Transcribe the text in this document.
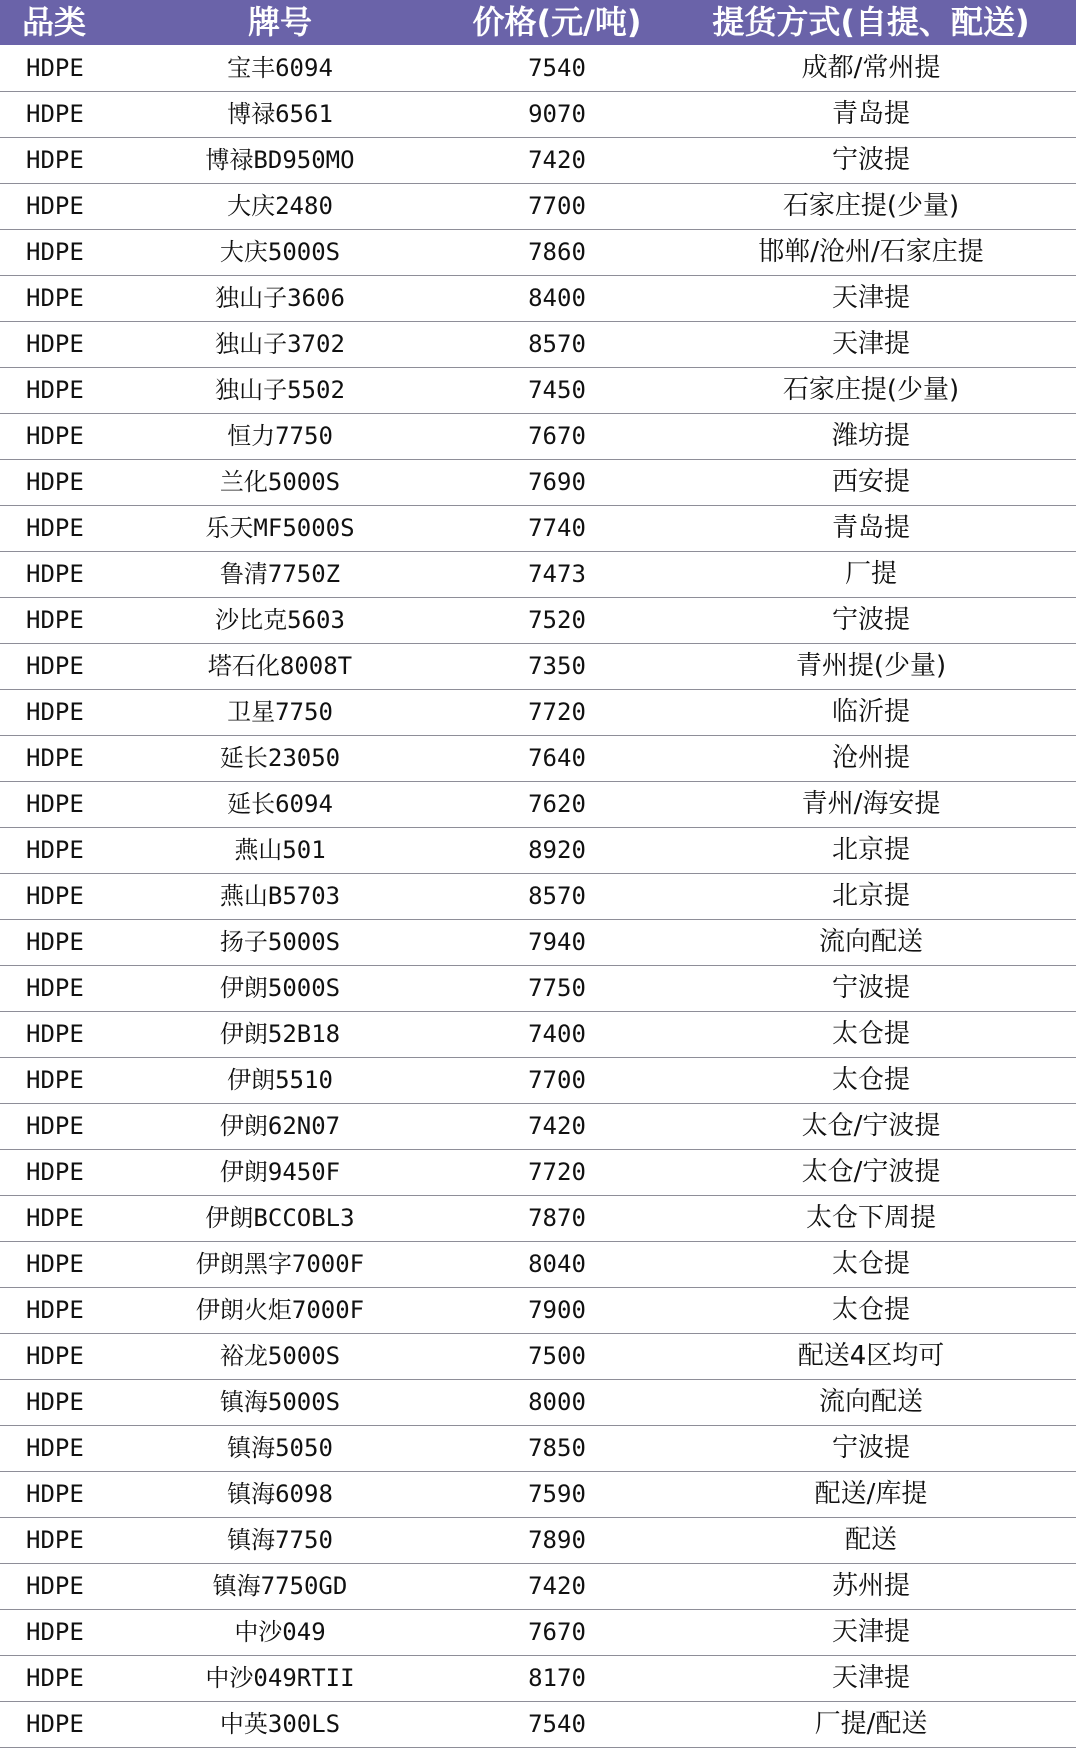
品类	牌号	价格(元/吨)	提货方式(自提、配送)
HDPE	宝丰6094	7540	成都/常州提
HDPE	博禄6561	9070	青岛提
HDPE	博禄BD950MO	7420	宁波提
HDPE	大庆2480	7700	石家庄提(少量)
HDPE	大庆5000S	7860	邯郸/沧州/石家庄提
HDPE	独山子3606	8400	天津提
HDPE	独山子3702	8570	天津提
HDPE	独山子5502	7450	石家庄提(少量)
HDPE	恒力7750	7670	潍坊提
HDPE	兰化5000S	7690	西安提
HDPE	乐天MF5000S	7740	青岛提
HDPE	鲁清7750Z	7473	厂提
HDPE	沙比克5603	7520	宁波提
HDPE	塔石化8008T	7350	青州提(少量)
HDPE	卫星7750	7720	临沂提
HDPE	延长23050	7640	沧州提
HDPE	延长6094	7620	青州/海安提
HDPE	燕山501	8920	北京提
HDPE	燕山B5703	8570	北京提
HDPE	扬子5000S	7940	流向配送
HDPE	伊朗5000S	7750	宁波提
HDPE	伊朗52B18	7400	太仓提
HDPE	伊朗5510	7700	太仓提
HDPE	伊朗62N07	7420	太仓/宁波提
HDPE	伊朗9450F	7720	太仓/宁波提
HDPE	伊朗BCCOBL3	7870	太仓下周提
HDPE	伊朗黑字7000F	8040	太仓提
HDPE	伊朗火炬7000F	7900	太仓提
HDPE	裕龙5000S	7500	配送4区均可
HDPE	镇海5000S	8000	流向配送
HDPE	镇海5050	7850	宁波提
HDPE	镇海6098	7590	配送/库提
HDPE	镇海7750	7890	配送
HDPE	镇海7750GD	7420	苏州提
HDPE	中沙049	7670	天津提
HDPE	中沙049RTII	8170	天津提
HDPE	中英300LS	7540	厂提/配送
